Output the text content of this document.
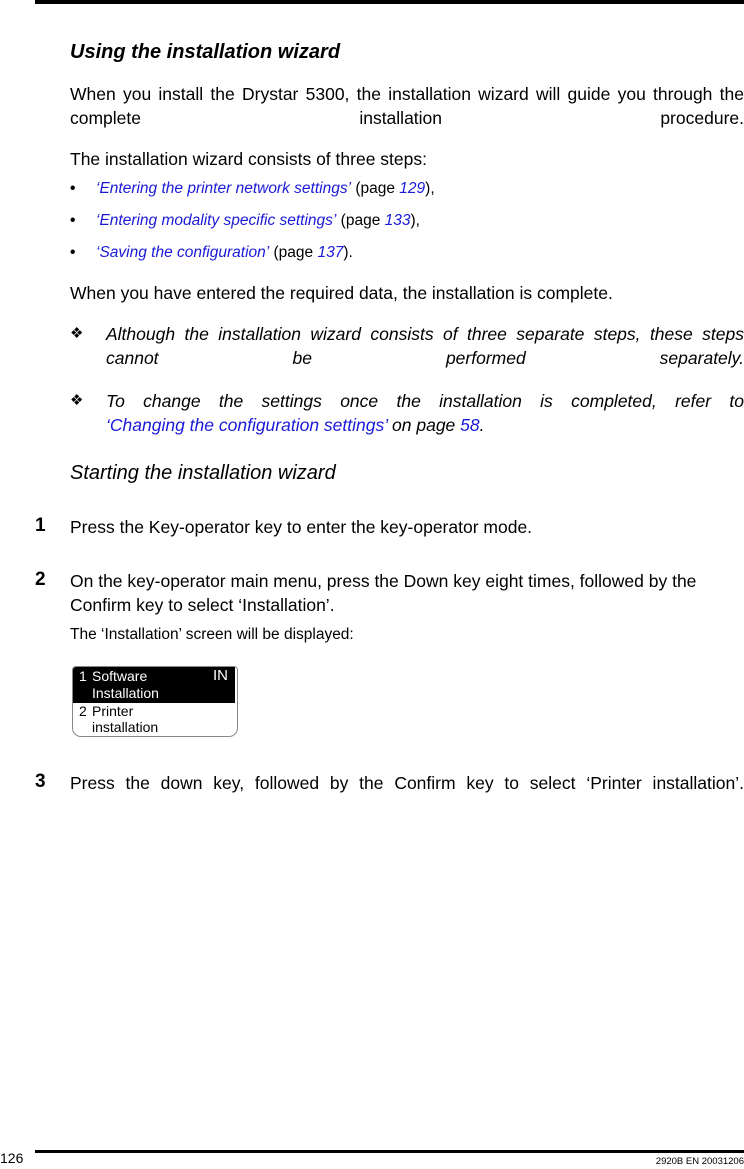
Using the installation wizard
When you install the Drystar 5300, the installation wizard will guide you through the complete installation procedure.
The installation wizard consists of three steps:
• ‘Entering the printer network settings’ (page 129),
• ‘Entering modality specific settings’ (page 133),
• ‘Saving the configuration’ (page 137).
When you have entered the required data, the installation is complete.
❖ Although the installation wizard consists of three separate steps, these steps cannot be performed separately.
❖ To change the settings once the installation is completed, refer to
‘Changing the configuration settings’ on page 58.
Starting the installation wizard
1 Press the Key-operator key to enter the key-operator mode.
2 On the key-operator main menu, press the Down key eight times, followed by the Confirm key to select ‘Installation’.
The ‘Installation’ screen will be displayed:
1 Software
Installation
IN
2 Printer
installation
3 Press the down key, followed by the Confirm key to select ‘Printer installation’.
126	2920B EN 20031206
